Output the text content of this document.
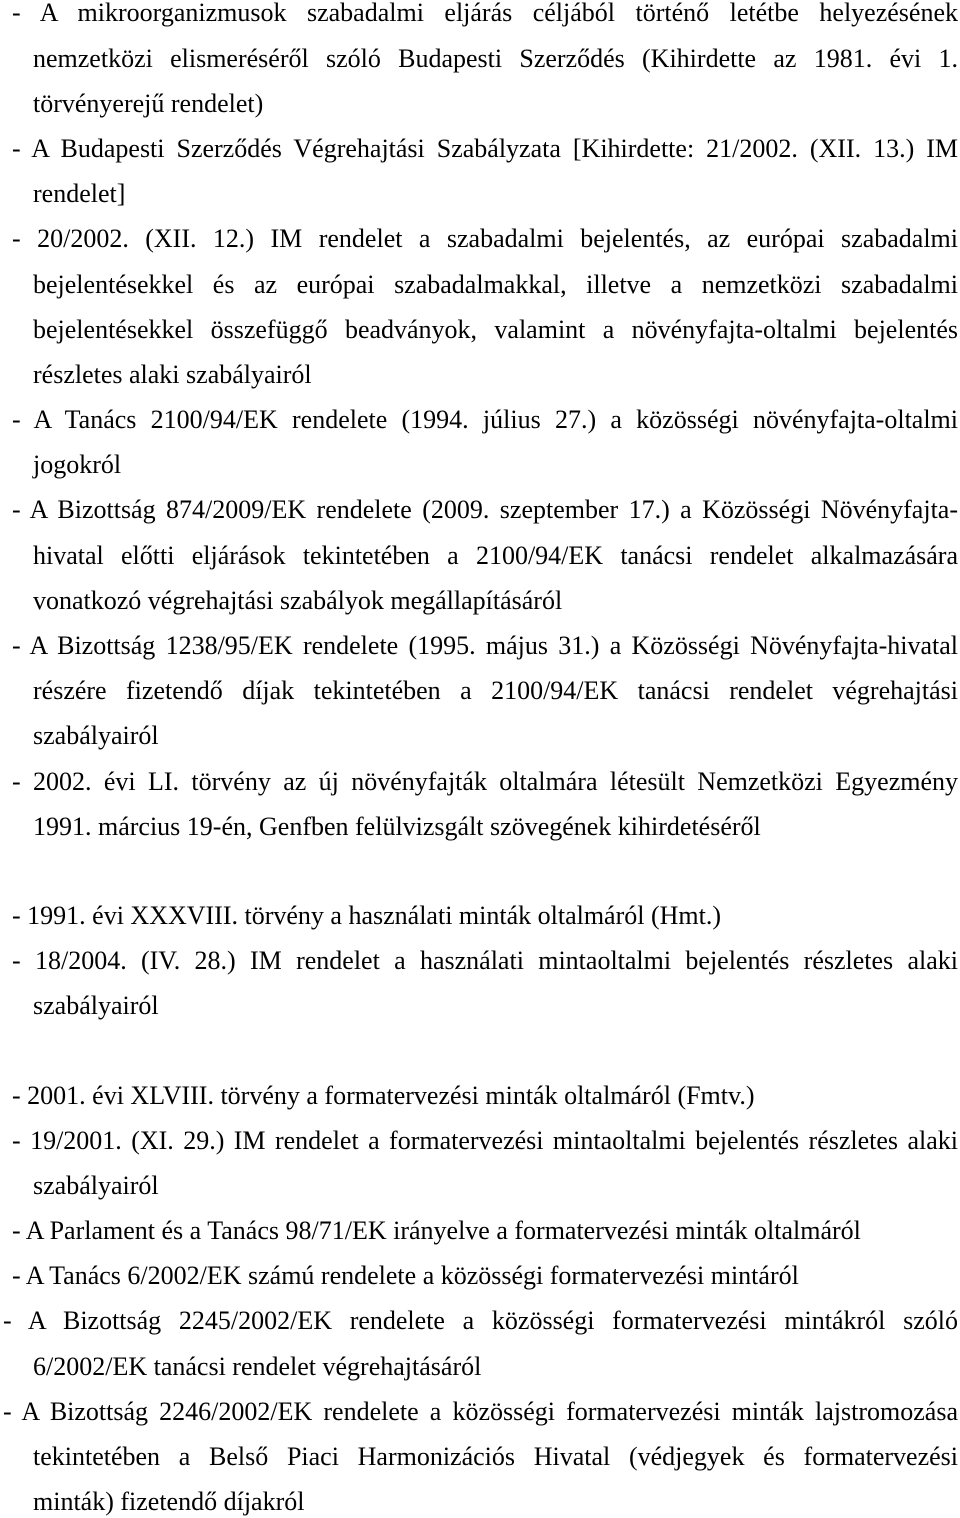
- A mikroorganizmusok szabadalmi eljárás céljából történő letétbe helyezésének
nemzetközi elismeréséről szóló Budapesti Szerződés (Kihirdette az 1981. évi 1.
törvényerejű rendelet)
- A Budapesti Szerződés Végrehajtási Szabályzata [Kihirdette: 21/2002. (XII. 13.) IM
rendelet]
- 20/2002. (XII. 12.) IM rendelet a szabadalmi bejelentés, az európai szabadalmi
bejelentésekkel és az európai szabadalmakkal, illetve a nemzetközi szabadalmi
bejelentésekkel összefüggő beadványok, valamint a növényfajta-oltalmi bejelentés
részletes alaki szabályairól
- A Tanács 2100/94/EK rendelete (1994. július 27.) a közösségi növényfajta-oltalmi
jogokról
- A Bizottság 874/2009/EK rendelete (2009. szeptember 17.) a Közösségi Növényfajta-
hivatal előtti eljárások tekintetében a 2100/94/EK tanácsi rendelet alkalmazására
vonatkozó végrehajtási szabályok megállapításáról
- A Bizottság 1238/95/EK rendelete (1995. május 31.) a Közösségi Növényfajta-hivatal
részére fizetendő díjak tekintetében a 2100/94/EK tanácsi rendelet végrehajtási
szabályairól
- 2002. évi LI. törvény az új növényfajták oltalmára létesült Nemzetközi Egyezmény
1991. március 19-én, Genfben felülvizsgált szövegének kihirdetéséről
- 1991. évi XXXVIII. törvény a használati minták oltalmáról (Hmt.)
- 18/2004. (IV. 28.) IM rendelet a használati mintaoltalmi bejelentés részletes alaki
szabályairól
- 2001. évi XLVIII. törvény a formatervezési minták oltalmáról (Fmtv.)
- 19/2001. (XI. 29.) IM rendelet a formatervezési mintaoltalmi bejelentés részletes alaki
szabályairól
- A Parlament és a Tanács 98/71/EK irányelve a formatervezési minták oltalmáról
- A Tanács 6/2002/EK számú rendelete a közösségi formatervezési mintáról
- A Bizottság 2245/2002/EK rendelete a közösségi formatervezési mintákról szóló
6/2002/EK tanácsi rendelet végrehajtásáról
- A Bizottság 2246/2002/EK rendelete a közösségi formatervezési minták lajstromozása
tekintetében a Belső Piaci Harmonizációs Hivatal (védjegyek és formatervezési
minták) fizetendő díjakról
